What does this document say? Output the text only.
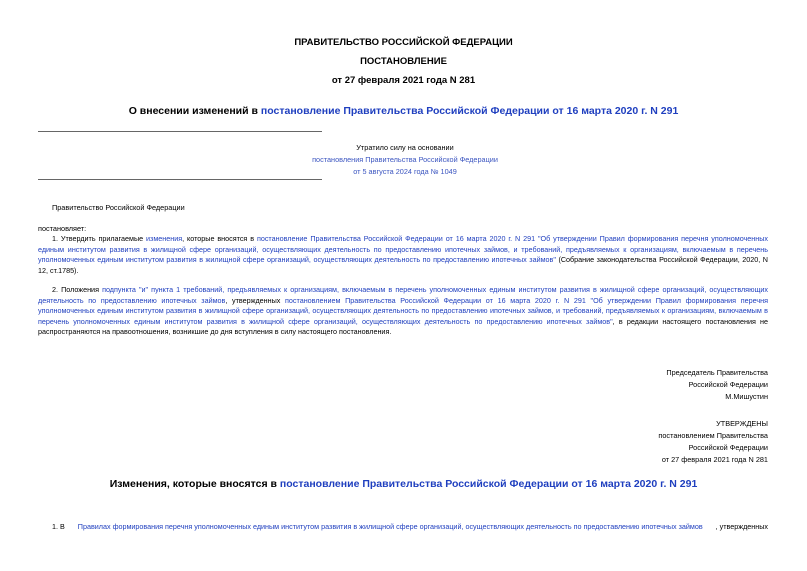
ПРАВИТЕЛЬСТВО РОССИЙСКОЙ ФЕДЕРАЦИИ
ПОСТАНОВЛЕНИЕ
от 27 февраля 2021 года N 281
О внесении изменений в постановление Правительства Российской Федерации от 16 марта 2020 г. N 291
Утратило силу на основании
постановления Правительства Российской Федерации
от 5 августа 2024 года № 1049
Правительство Российской Федерации
постановляет:
1. Утвердить прилагаемые изменения, которые вносятся в постановление Правительства Российской Федерации от 16 марта 2020 г. N 291 "Об утверждении Правил формирования перечня уполномоченных единым институтом развития в жилищной сфере организаций, осуществляющих деятельность по предоставлению ипотечных займов, и требований, предъявляемых к организациям, включаемым в перечень уполномоченных единым институтом развития в жилищной сфере организаций, осуществляющих деятельность по предоставлению ипотечных займов" (Собрание законодательства Российской Федерации, 2020, N 12, ст.1785).
2. Положения подпункта "и" пункта 1 требований, предъявляемых к организациям, включаемым в перечень уполномоченных единым институтом развития в жилищной сфере организаций, осуществляющих деятельность по предоставлению ипотечных займов, утвержденных постановлением Правительства Российской Федерации от 16 марта 2020 г. N 291 "Об утверждении Правил формирования перечня уполномоченных единым институтом развития в жилищной сфере организаций, осуществляющих деятельность по предоставлению ипотечных займов, и требований, предъявляемых к организациям, включаемым в перечень уполномоченных единым институтом развития в жилищной сфере организаций, осуществляющих деятельность по предоставлению ипотечных займов", в редакции настоящего постановления не распространяются на правоотношения, возникшие до дня вступления в силу настоящего постановления.
Председатель Правительства
Российской Федерации
М.Мишустин
УТВЕРЖДЕНЫ
постановлением Правительства
Российской Федерации
от 27 февраля 2021 года N 281
Изменения, которые вносятся в постановление Правительства Российской Федерации от 16 марта 2020 г. N 291
1. В Правилах формирования перечня уполномоченных единым институтом развития в жилищной сфере организаций, осуществляющих деятельность по предоставлению ипотечных займов , утвержденных
